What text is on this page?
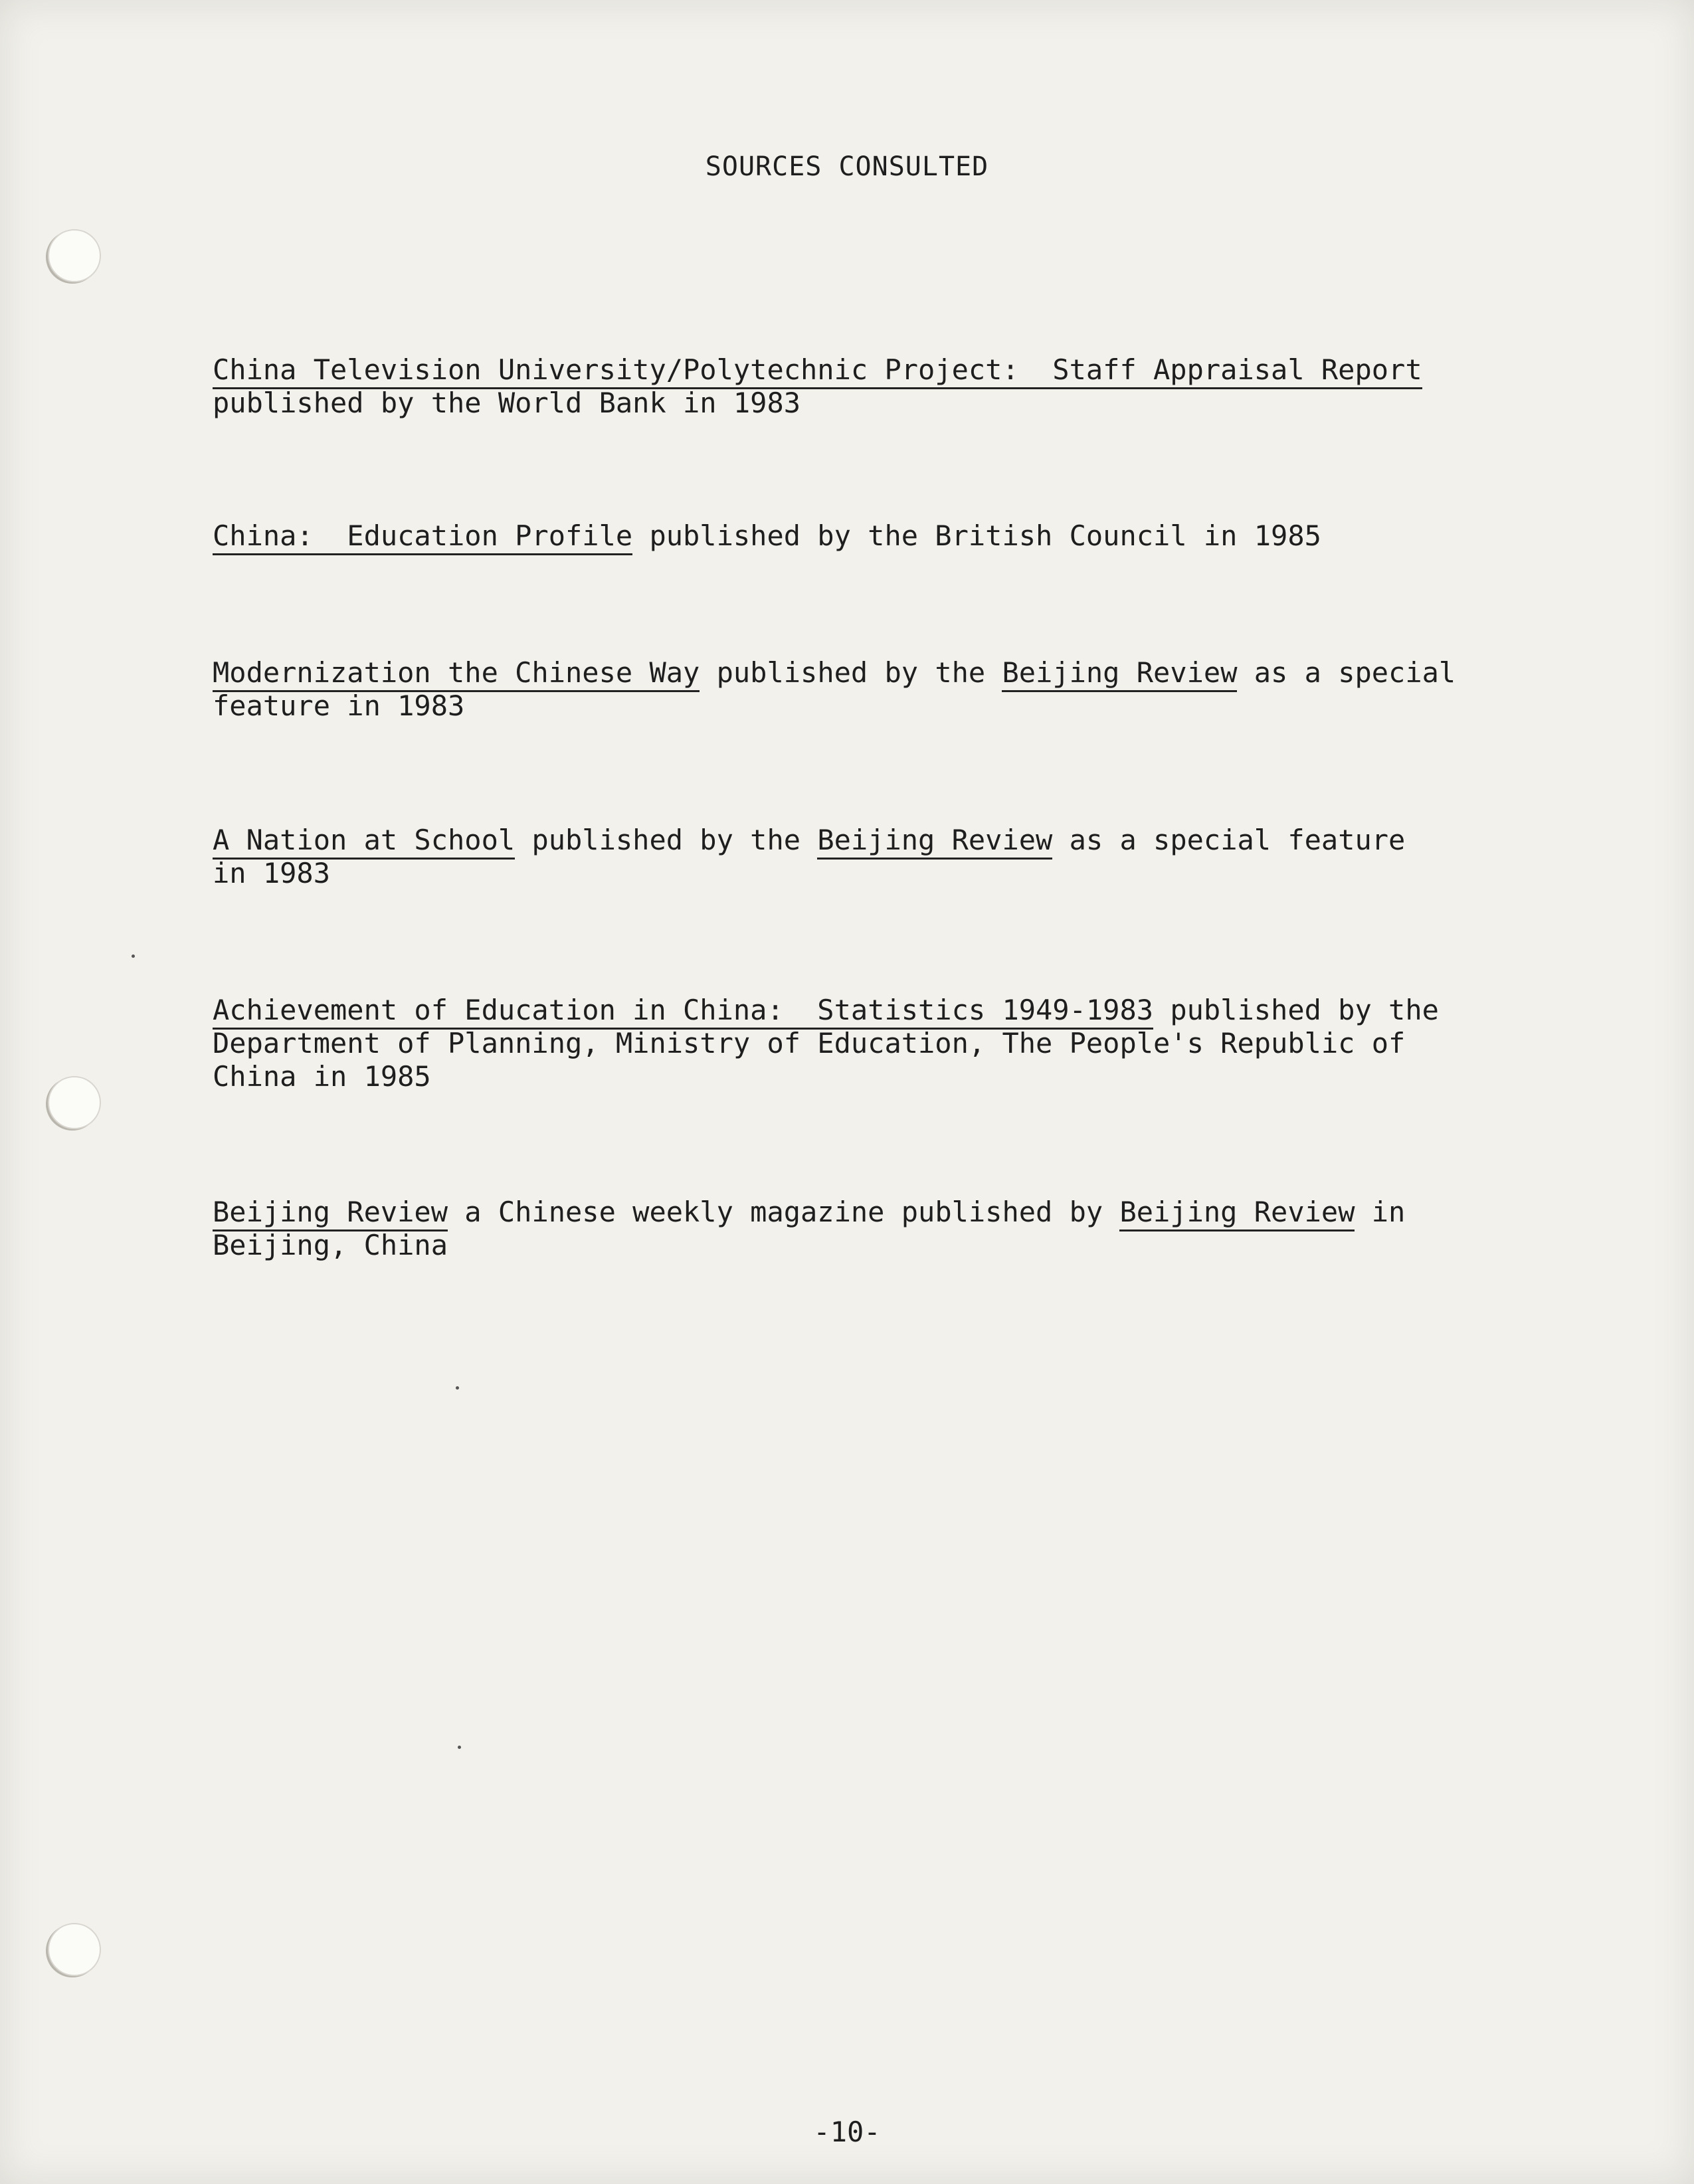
SOURCES CONSULTED
China Television University/Polytechnic Project:  Staff Appraisal Report
published by the World Bank in 1983
China:  Education Profile published by the British Council in 1985
Modernization the Chinese Way published by the Beijing Review as a special
feature in 1983
A Nation at School published by the Beijing Review as a special feature
in 1983
Achievement of Education in China:  Statistics 1949-1983 published by the
Department of Planning, Ministry of Education, The People's Republic of
China in 1985
Beijing Review a Chinese weekly magazine published by Beijing Review in
Beijing, China
-10-
